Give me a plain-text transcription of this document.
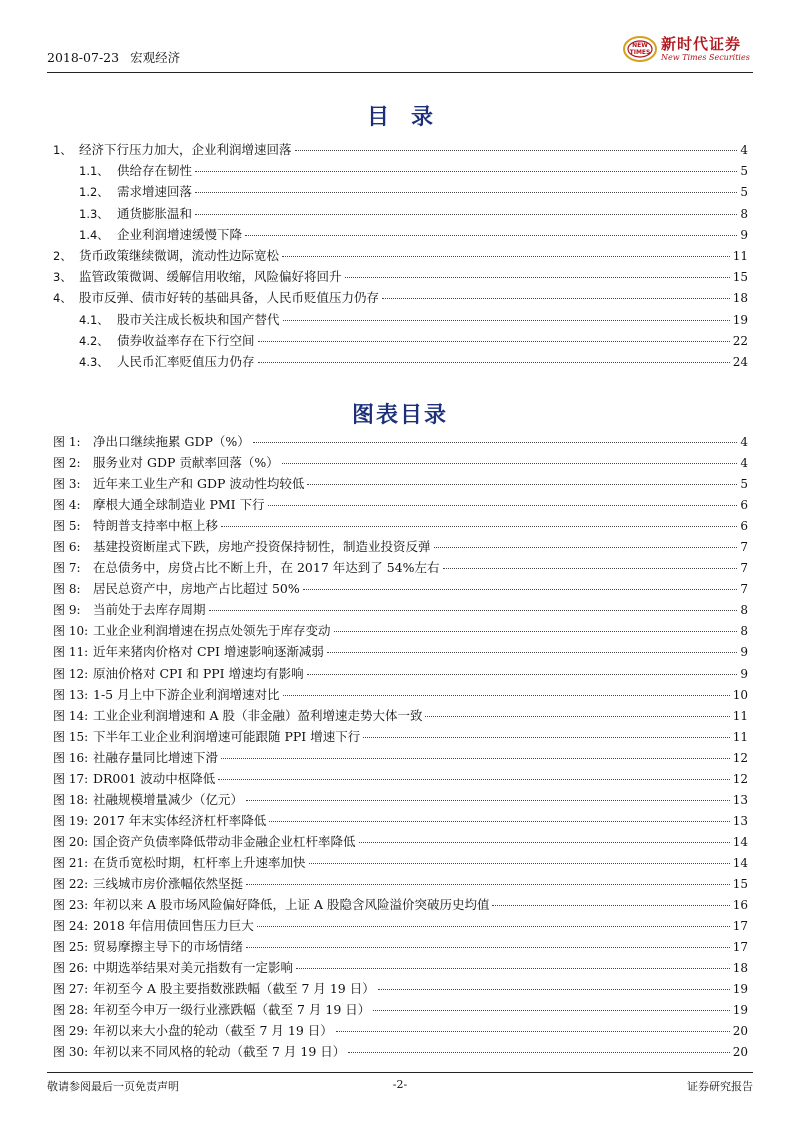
2018-07-23 宏观经济
NEW
TIMES 新时代证券
New Times Securities
目录
1、 经济下行压力加大，企业利润增速回落	4
1.1、 供给存在韧性	5
1.2、 需求增速回落	5
1.3、 通货膨胀温和	8
1.4、 企业利润增速缓慢下降	9
2、 货币政策继续微调，流动性边际宽松	11
3、 监管政策微调、缓解信用收缩，风险偏好将回升	15
4、 股市反弹、债市好转的基础具备，人民币贬值压力仍存	18
4.1、 股市关注成长板块和国产替代	19
4.2、 债券收益率存在下行空间	22
4.3、 人民币汇率贬值压力仍存	24
图表目录
图 1:	净出口继续拖累 GDP（%）	4
图 2:	服务业对 GDP 贡献率回落（%）	4
图 3:	近年来工业生产和 GDP 波动性均较低	5
图 4:	摩根大通全球制造业 PMI 下行	6
图 5:	特朗普支持率中枢上移	6
图 6:	基建投资断崖式下跌，房地产投资保持韧性，制造业投资反弹	7
图 7:	在总债务中，房贷占比不断上升，在 2017 年达到了 54%左右	7
图 8:	居民总资产中，房地产占比超过 50%	7
图 9:	当前处于去库存周期	8
图 10: 工业企业利润增速在拐点处领先于库存变动	8
图 11: 近年来猪肉价格对 CPI 增速影响逐渐减弱	9
图 12: 原油价格对 CPI 和 PPI 增速均有影响	9
图 13: 1-5 月上中下游企业利润增速对比	10
图 14: 工业企业利润增速和 A 股（非金融）盈利增速走势大体一致	11
图 15: 下半年工业企业利润增速可能跟随 PPI 增速下行	11
图 16: 社融存量同比增速下滑	12
图 17: DR001 波动中枢降低	12
图 18: 社融规模增量减少（亿元）	13
图 19: 2017 年末实体经济杠杆率降低	13
图 20: 国企资产负债率降低带动非金融企业杠杆率降低	14
图 21: 在货币宽松时期，杠杆率上升速率加快	14
图 22: 三线城市房价涨幅依然坚挺	15
图 23: 年初以来 A 股市场风险偏好降低，上证 A 股隐含风险溢价突破历史均值	16
图 24: 2018 年信用债回售压力巨大	17
图 25: 贸易摩擦主导下的市场情绪	17
图 26: 中期选举结果对美元指数有一定影响	18
图 27: 年初至今 A 股主要指数涨跌幅（截至 7 月 19 日）	19
图 28: 年初至今申万一级行业涨跌幅（截至 7 月 19 日）	19
图 29: 年初以来大小盘的轮动（截至 7 月 19 日）	20
图 30: 年初以来不同风格的轮动（截至 7 月 19 日）	20
敬请参阅最后一页免责声明	-2-	证券研究报告
